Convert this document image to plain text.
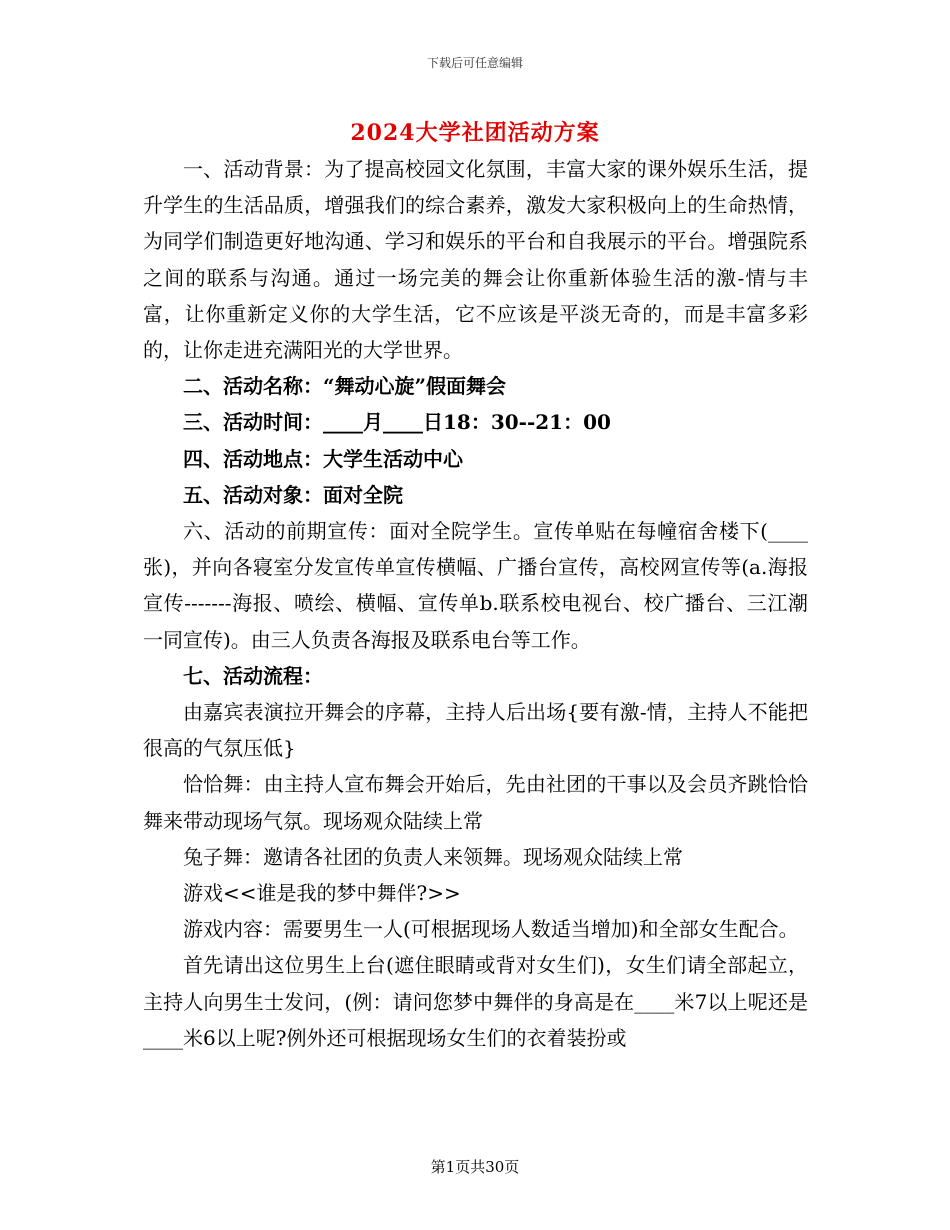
下载后可任意编辑
2024大学社团活动方案

一、活动背景：为了提高校园文化氛围，丰富大家的课外娱乐生活，提升学生的生活品质，增强我们的综合素养，激发大家积极向上的生命热情，为同学们制造更好地沟通、学习和娱乐的平台和自我展示的平台。增强院系之间的联系与沟通。通过一场完美的舞会让你重新体验生活的激-情与丰富，让你重新定义你的大学生活，它不应该是平淡无奇的，而是丰富多彩的，让你走进充满阳光的大学世界。

二、活动名称：“舞动心旋”假面舞会

三、活动时间：____月____日18：30--21：00

四、活动地点：大学生活动中心

五、活动对象：面对全院

六、活动的前期宣传：面对全院学生。宣传单贴在每幢宿舍楼下(____张)，并向各寝室分发宣传单宣传横幅、广播台宣传，高校网宣传等(a.海报宣传-------海报、喷绘、横幅、宣传单b.联系校电视台、校广播台、三江潮一同宣传)。由三人负责各海报及联系电台等工作。

七、活动流程：

由嘉宾表演拉开舞会的序幕，主持人后出场{要有激-情，主持人不能把很高的气氛压低}

恰恰舞：由主持人宣布舞会开始后，先由社团的干事以及会员齐跳恰恰舞来带动现场气氛。现场观众陆续上常

兔子舞：邀请各社团的负责人来领舞。现场观众陆续上常

游戏<<谁是我的梦中舞伴?>>

游戏内容：需要男生一人(可根据现场人数适当增加)和全部女生配合。

首先请出这位男生上台(遮住眼睛或背对女生们)，女生们请全部起立，主持人向男生士发问，(例：请问您梦中舞伴的身高是在____米7以上呢还是____米6以上呢?例外还可根据现场女生们的衣着装扮或

第1页共30页
